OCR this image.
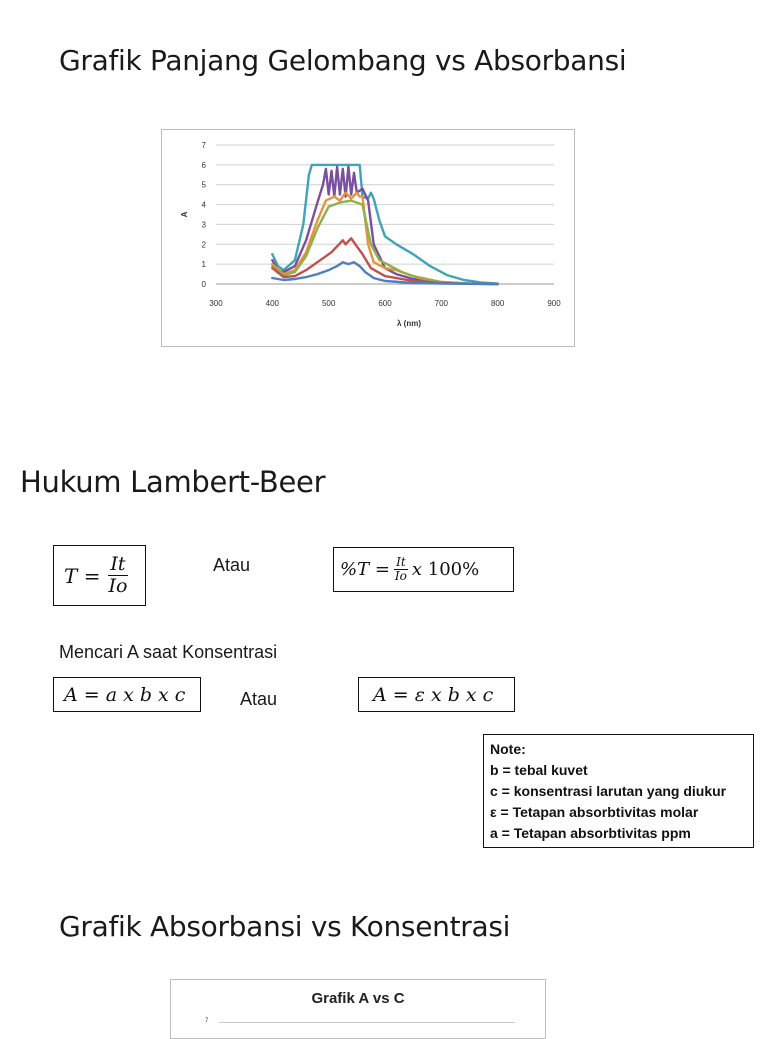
Grafik Panjang Gelombang vs Absorbansi
0
1
2
3
4
5
6
7
300	400	500	600	700	800	900
A
λ (nm)
Hukum Lambert-Beer
$T = \frac{It}{Io}$	Atau	$\%T = \frac{It}{Io}$ x
100%

Mencari A saat Konsentrasi

A = a x b x c	Atau	A = ε x b x c
Note:
b = tebal kuvet
c = konsentrasi larutan yang diukur
ε = Tetapan absorbtivitas molar
a = Tetapan absorbtivitas ppm
Grafik Absorbansi vs Konsentrasi
Grafik A vs C
7
